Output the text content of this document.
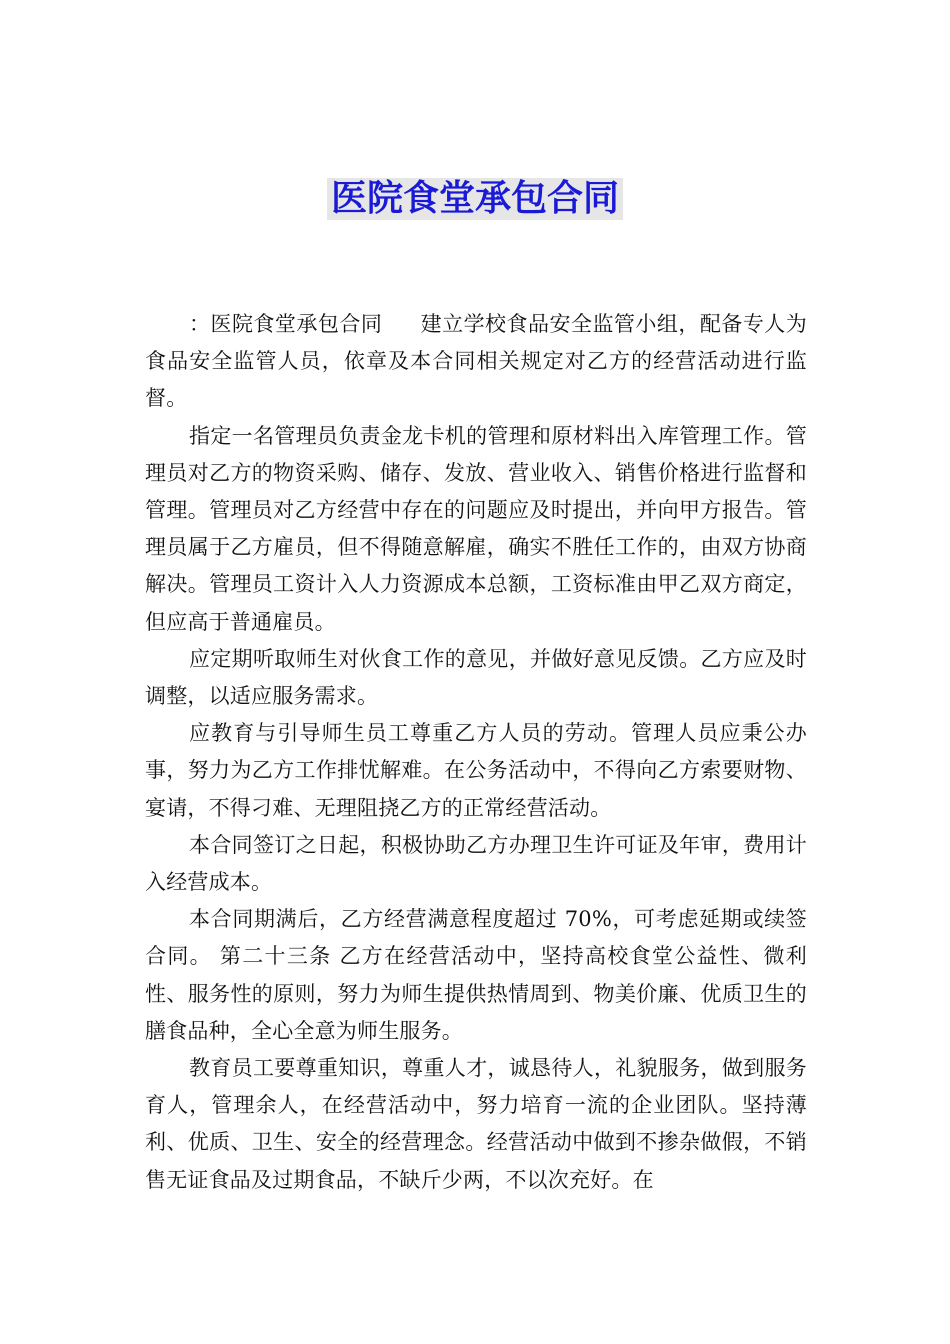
医院食堂承包合同

：医院食堂承包合同 建立学校食品安全监管小组，配备专人为食品安全监管人员，依章及本合同相关规定对乙方的经营活动进行监督。

指定一名管理员负责金龙卡机的管理和原材料出入库管理工作。管理员对乙方的物资采购、储存、发放、营业收入、销售价格进行监督和管理。管理员对乙方经营中存在的问题应及时提出，并向甲方报告。管理员属于乙方雇员，但不得随意解雇，确实不胜任工作的，由双方协商解决。管理员工资计入人力资源成本总额，工资标准由甲乙双方商定，但应高于普通雇员。

应定期听取师生对伙食工作的意见，并做好意见反馈。乙方应及时调整，以适应服务需求。

应教育与引导师生员工尊重乙方人员的劳动。管理人员应秉公办事，努力为乙方工作排忧解难。在公务活动中，不得向乙方索要财物、宴请，不得刁难、无理阻挠乙方的正常经营活动。

本合同签订之日起，积极协助乙方办理卫生许可证及年审，费用计入经营成本。

本合同期满后，乙方经营满意程度超过 70%，可考虑延期或续签合同。 第二十三条 乙方在经营活动中，坚持高校食堂公益性、微利性、服务性的原则，努力为师生提供热情周到、物美价廉、优质卫生的膳食品种，全心全意为师生服务。

教育员工要尊重知识，尊重人才，诚恳待人，礼貌服务，做到服务育人，管理余人，在经营活动中，努力培育一流的企业团队。坚持薄利、优质、卫生、安全的经营理念。经营活动中做到不掺杂做假，不销售无证食品及过期食品，不缺斤少两，不以次充好。在
